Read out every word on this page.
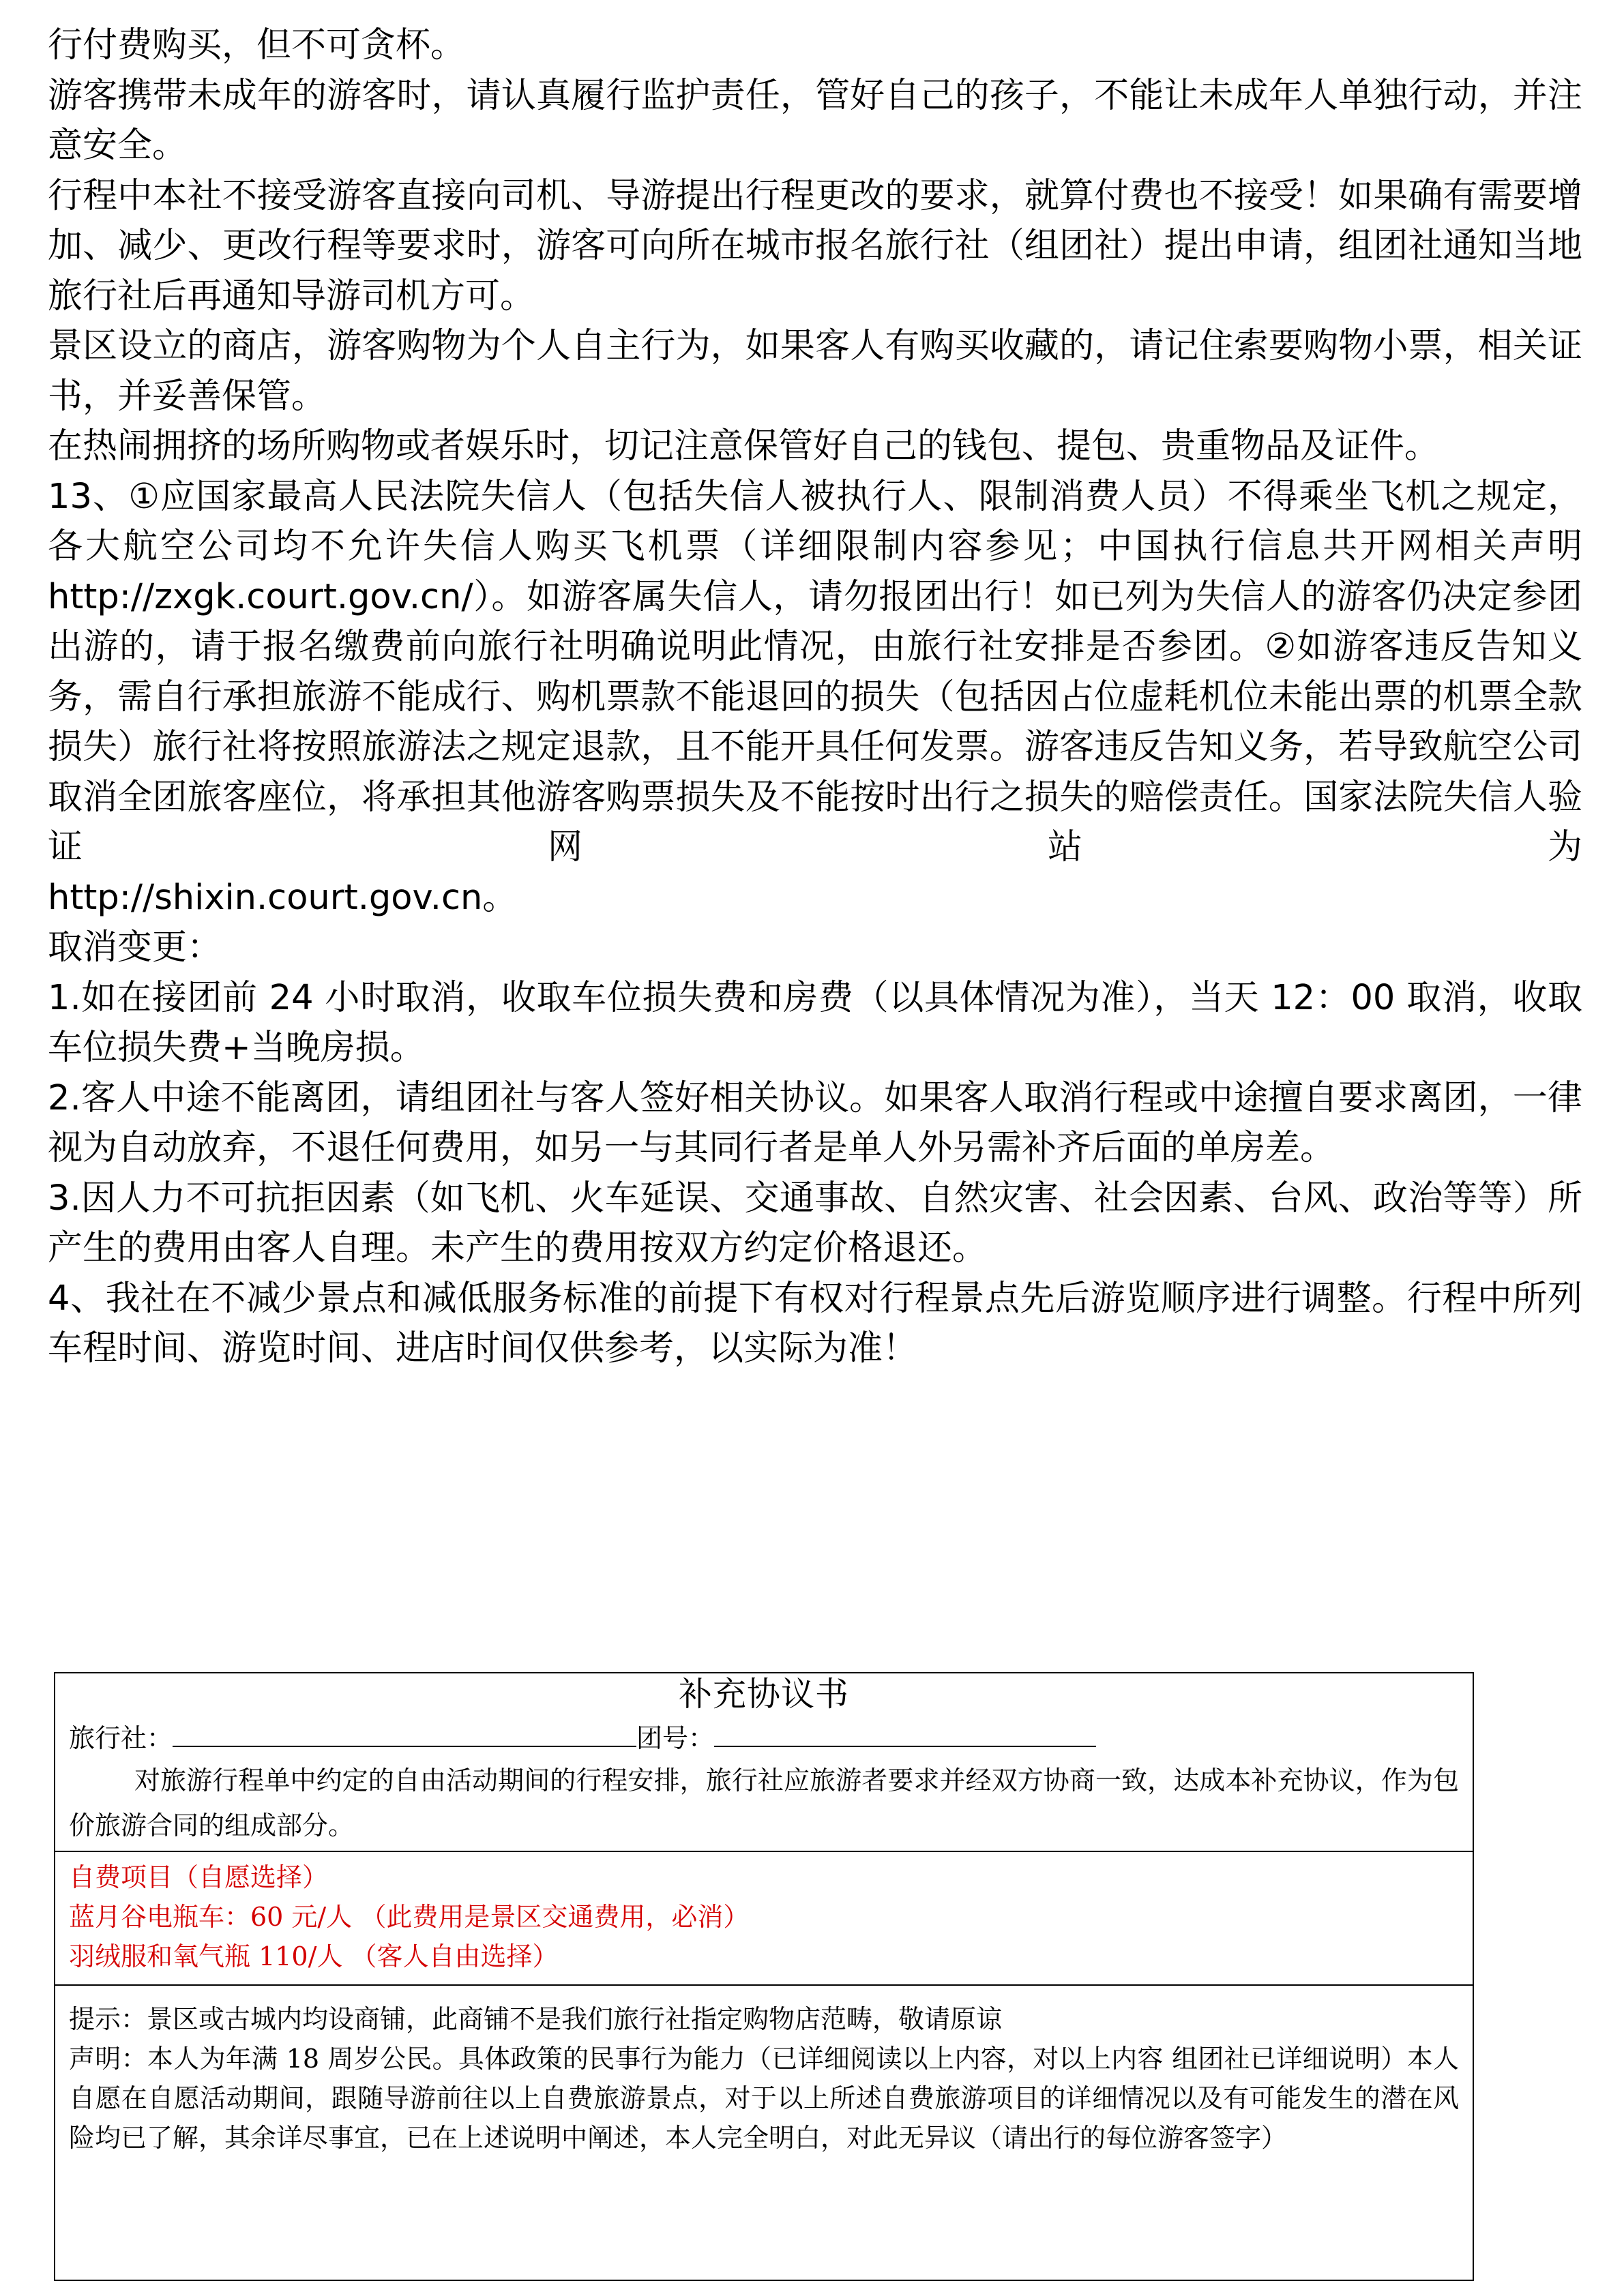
行付费购买，但不可贪杯。

游客携带未成年的游客时，请认真履行监护责任，管好自己的孩子，不能让未成年人单独行动，并注意安全。

行程中本社不接受游客直接向司机、导游提出行程更改的要求，就算付费也不接受！如果确有需要增加、减少、更改行程等要求时，游客可向所在城市报名旅行社（组团社）提出申请，组团社通知当地旅行社后再通知导游司机方可。

景区设立的商店，游客购物为个人自主行为，如果客人有购买收藏的，请记住索要购物小票，相关证书，并妥善保管。

在热闹拥挤的场所购物或者娱乐时，切记注意保管好自己的钱包、提包、贵重物品及证件。

13、①应国家最高人民法院失信人（包括失信人被执行人、限制消费人员）不得乘坐飞机之规定，各大航空公司均不允许失信人购买飞机票（详细限制内容参见；中国执行信息共开网相关声明 http://zxgk.court.gov.cn/）。如游客属失信人，请勿报团出行！如已列为失信人的游客仍决定参团出游的，请于报名缴费前向旅行社明确说明此情况，由旅行社安排是否参团。②如游客违反告知义务，需自行承担旅游不能成行、购机票款不能退回的损失（包括因占位虚耗机位未能出票的机票全款损失）旅行社将按照旅游法之规定退款，且不能开具任何发票。游客违反告知义务，若导致航空公司取消全团旅客座位，将承担其他游客购票损失及不能按时出行之损失的赔偿责任。国家法院失信人验证网站为

http://shixin.court.gov.cn。

取消变更：

1.如在接团前 24 小时取消，收取车位损失费和房费（以具体情况为准），当天 12：00 取消，收取车位损失费+当晚房损。

2.客人中途不能离团，请组团社与客人签好相关协议。如果客人取消行程或中途擅自要求离团，一律视为自动放弃，不退任何费用，如另一与其同行者是单人外另需补齐后面的单房差。

3.因人力不可抗拒因素（如飞机、火车延误、交通事故、自然灾害、社会因素、台风、政治等等）所产生的费用由客人自理。未产生的费用按双方约定价格退还。

4、我社在不减少景点和减低服务标准的前提下有权对行程景点先后游览顺序进行调整。行程中所列车程时间、游览时间、进店时间仅供参考，以实际为准！

补充协议书

旅行社：	团号：

对旅游行程单中约定的自由活动期间的行程安排，旅行社应旅游者要求并经双方协商一致，达成本补充协议，作为包价旅游合同的组成部分。

自费项目（自愿选择）

蓝月谷电瓶车：60 元/人 （此费用是景区交通费用，必消）

羽绒服和氧气瓶 110/人 （客人自由选择）

提示：景区或古城内均设商铺，此商铺不是我们旅行社指定购物店范畴，敬请原谅

声明：本人为年满 18 周岁公民。具体政策的民事行为能力（已详细阅读以上内容，对以上内容 组团社已详细说明）本人自愿在自愿活动期间，跟随导游前往以上自费旅游景点，对于以上所述自费旅游项目的详细情况以及有可能发生的潜在风险均已了解，其余详尽事宜，已在上述说明中阐述，本人完全明白，对此无异议（请出行的每位游客签字）
